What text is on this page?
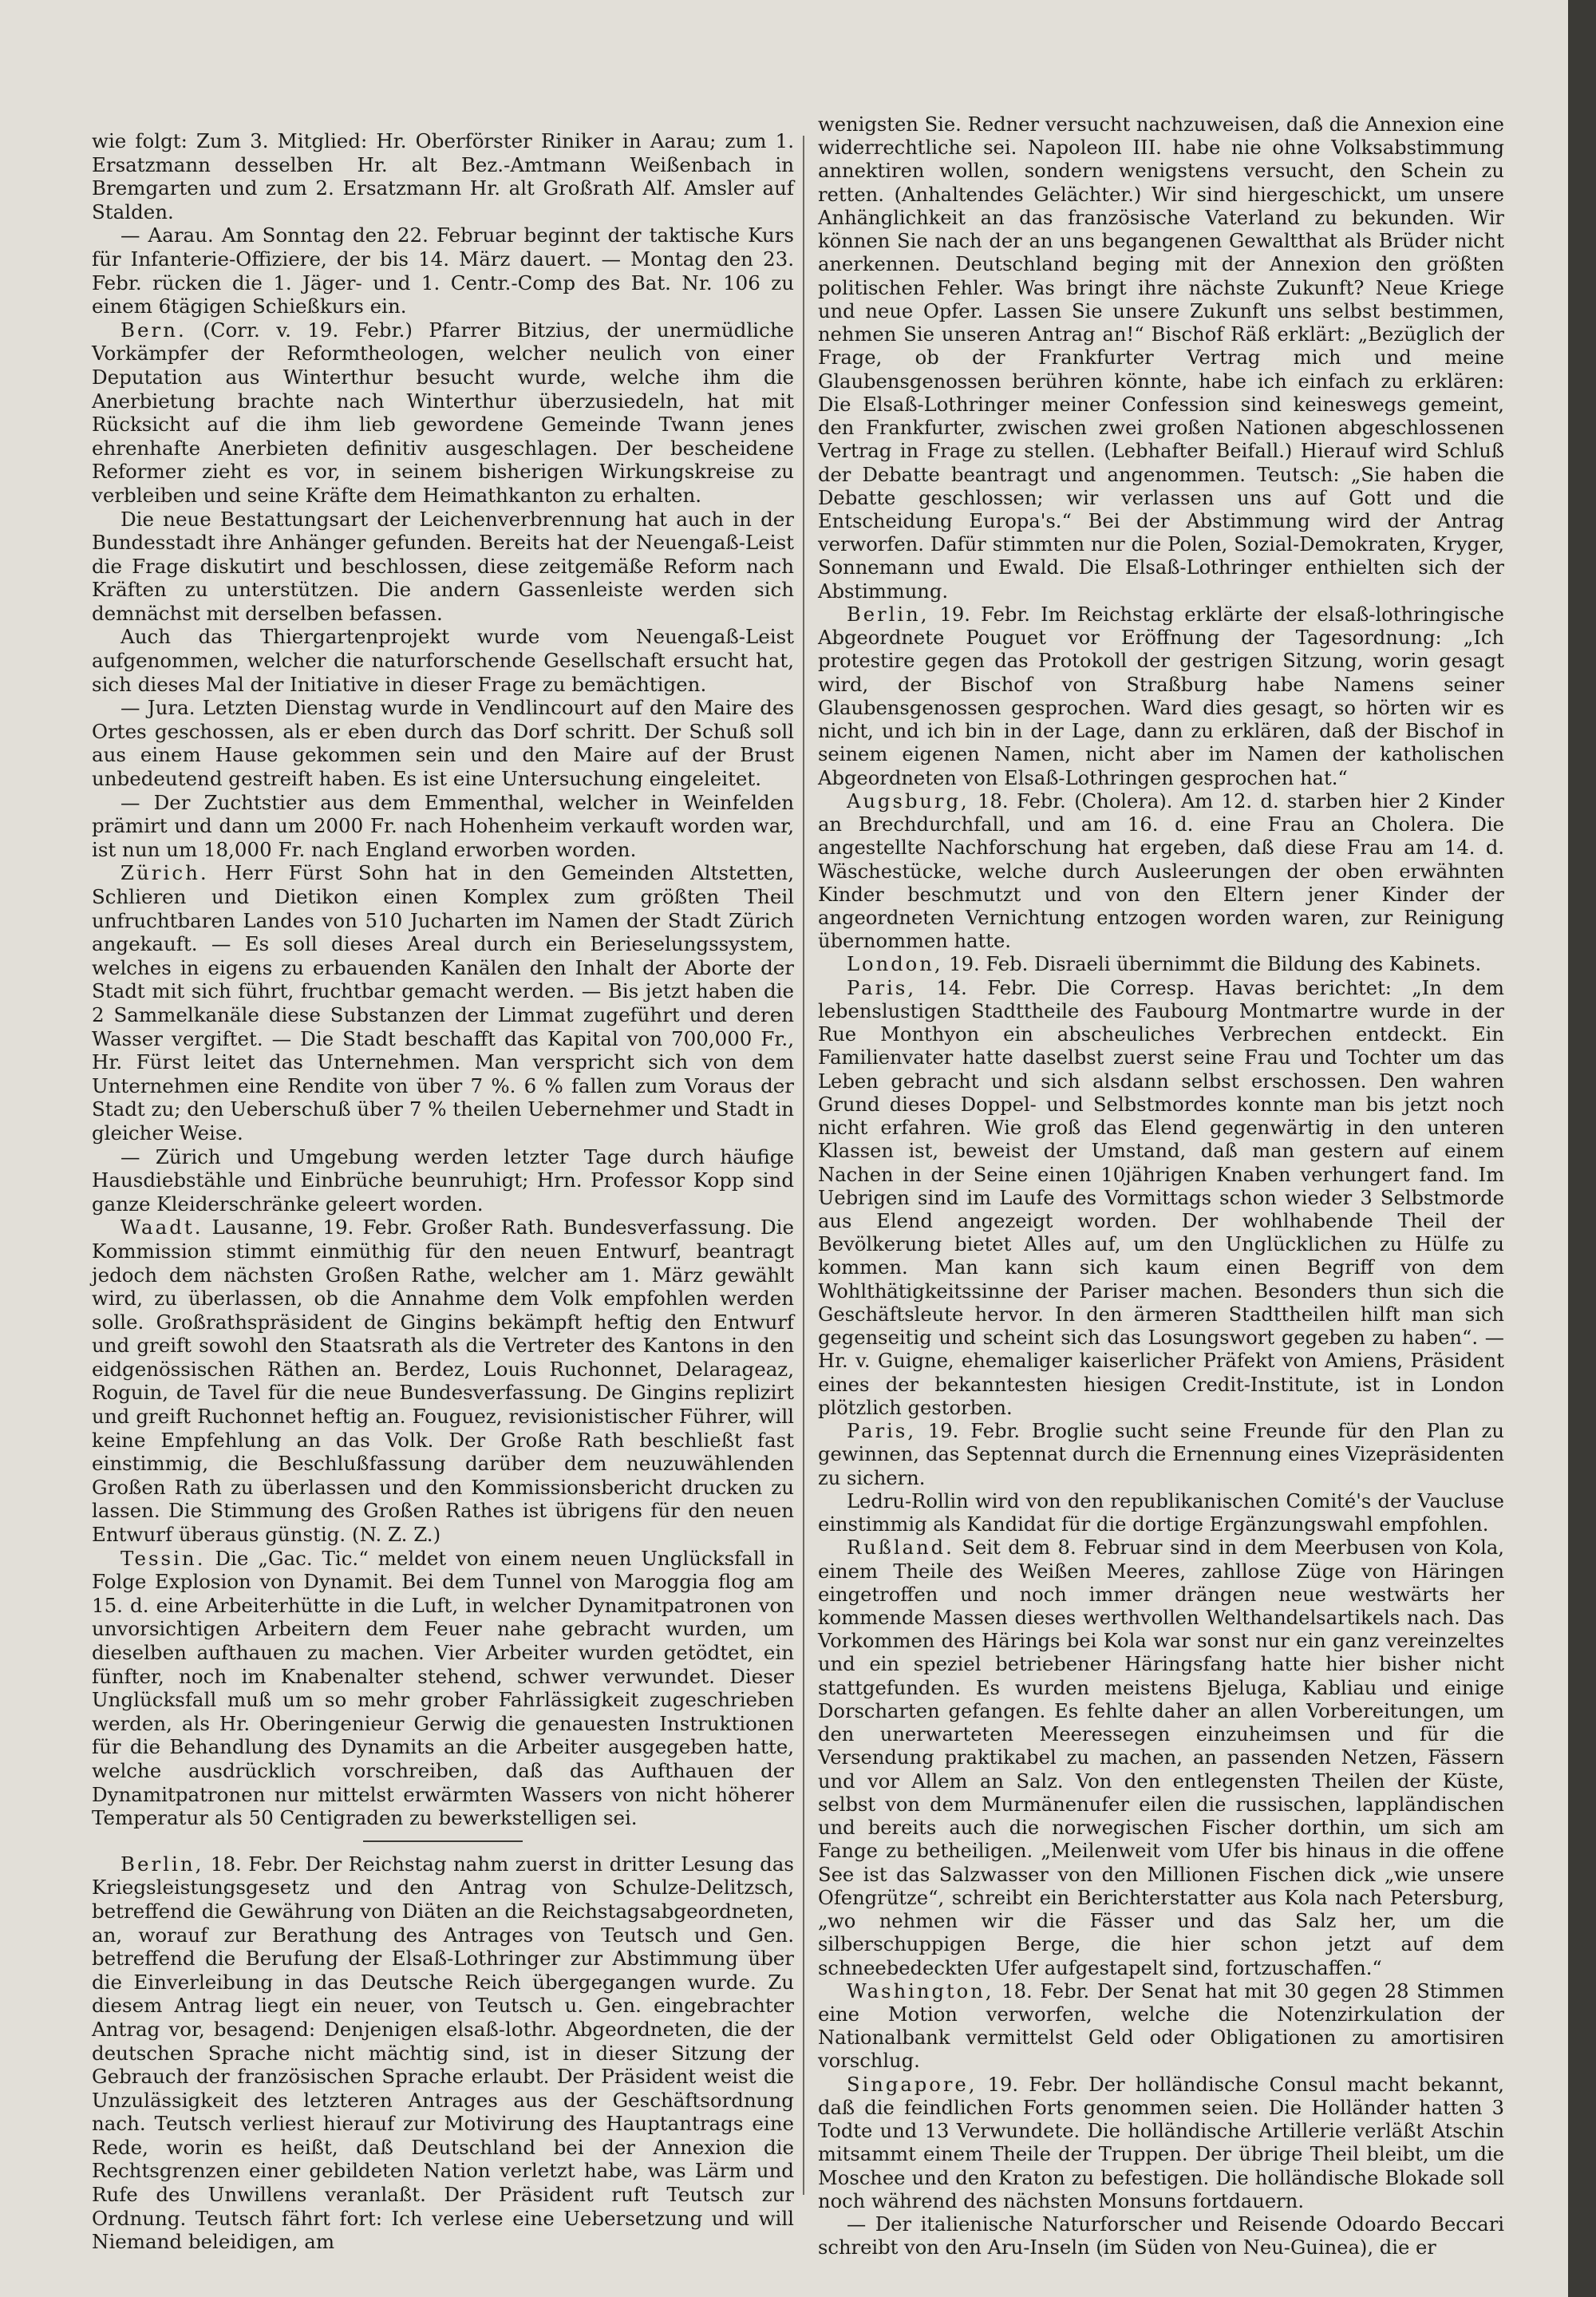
wie folgt: Zum 3. Mitglied: Hr. Oberförster Riniker in Aarau; zum 1. Ersatzmann desselben Hr. alt Bez.-Amtmann Weißenbach in Bremgarten und zum 2. Ersatzmann Hr. alt Großrath Alf. Amsler auf Stalden.

— Aarau. Am Sonntag den 22. Februar beginnt der taktische Kurs für Infanterie-Offiziere, der bis 14. März dauert. — Montag den 23. Febr. rücken die 1. Jäger- und 1. Centr.-Comp des Bat. Nr. 106 zu einem 6tägigen Schießkurs ein.

Bern. (Corr. v. 19. Febr.) Pfarrer Bitzius, der unermüdliche Vorkämpfer der Reformtheologen, welcher neulich von einer Deputation aus Winterthur besucht wurde, welche ihm die Anerbietung brachte nach Winterthur überzusiedeln, hat mit Rücksicht auf die ihm lieb gewordene Gemeinde Twann jenes ehrenhafte Anerbieten definitiv ausgeschlagen. Der bescheidene Reformer zieht es vor, in seinem bisherigen Wirkungskreise zu verbleiben und seine Kräfte dem Heimathkanton zu erhalten.

Die neue Bestattungsart der Leichenverbrennung hat auch in der Bundesstadt ihre Anhänger gefunden. Bereits hat der Neuengaß-Leist die Frage diskutirt und beschlossen, diese zeitgemäße Reform nach Kräften zu unterstützen. Die andern Gassenleiste werden sich demnächst mit derselben befassen.

Auch das Thiergartenprojekt wurde vom Neuengaß-Leist aufgenommen, welcher die naturforschende Gesellschaft ersucht hat, sich dieses Mal der Initiative in dieser Frage zu bemächtigen.

— Jura. Letzten Dienstag wurde in Vendlincourt auf den Maire des Ortes geschossen, als er eben durch das Dorf schritt. Der Schuß soll aus einem Hause gekommen sein und den Maire auf der Brust unbedeutend gestreift haben. Es ist eine Untersuchung eingeleitet.

— Der Zuchtstier aus dem Emmenthal, welcher in Weinfelden prämirt und dann um 2000 Fr. nach Hohenheim verkauft worden war, ist nun um 18,000 Fr. nach England erworben worden.

Zürich. Herr Fürst Sohn hat in den Gemeinden Altstetten, Schlieren und Dietikon einen Komplex zum größten Theil unfruchtbaren Landes von 510 Jucharten im Namen der Stadt Zürich angekauft. — Es soll dieses Areal durch ein Berieselungssystem, welches in eigens zu erbauenden Kanälen den Inhalt der Aborte der Stadt mit sich führt, fruchtbar gemacht werden. — Bis jetzt haben die 2 Sammelkanäle diese Substanzen der Limmat zugeführt und deren Wasser vergiftet. — Die Stadt beschafft das Kapital von 700,000 Fr., Hr. Fürst leitet das Unternehmen. Man verspricht sich von dem Unternehmen eine Rendite von über 7 %. 6 % fallen zum Voraus der Stadt zu; den Ueberschuß über 7 % theilen Uebernehmer und Stadt in gleicher Weise.

— Zürich und Umgebung werden letzter Tage durch häufige Hausdiebstähle und Einbrüche beunruhigt; Hrn. Professor Kopp sind ganze Kleiderschränke geleert worden.

Waadt. Lausanne, 19. Febr. Großer Rath. Bundesverfassung. Die Kommission stimmt einmüthig für den neuen Entwurf, beantragt jedoch dem nächsten Großen Rathe, welcher am 1. März gewählt wird, zu überlassen, ob die Annahme dem Volk empfohlen werden solle. Großrathspräsident de Gingins bekämpft heftig den Entwurf und greift sowohl den Staatsrath als die Vertreter des Kantons in den eidgenössischen Räthen an. Berdez, Louis Ruchonnet, Delarageaz, Roguin, de Tavel für die neue Bundesverfassung. De Gingins replizirt und greift Ruchonnet heftig an. Fouguez, revisionistischer Führer, will keine Empfehlung an das Volk. Der Große Rath beschließt fast einstimmig, die Beschlußfassung darüber dem neuzuwählenden Großen Rath zu überlassen und den Kommissionsbericht drucken zu lassen. Die Stimmung des Großen Rathes ist übrigens für den neuen Entwurf überaus günstig. (N. Z. Z.)

Tessin. Die „Gac. Tic.“ meldet von einem neuen Unglücksfall in Folge Explosion von Dynamit. Bei dem Tunnel von Maroggia flog am 15. d. eine Arbeiterhütte in die Luft, in welcher Dynamitpatronen von unvorsichtigen Arbeitern dem Feuer nahe gebracht wurden, um dieselben aufthauen zu machen. Vier Arbeiter wurden getödtet, ein fünfter, noch im Knabenalter stehend, schwer verwundet. Dieser Unglücksfall muß um so mehr grober Fahrlässigkeit zugeschrieben werden, als Hr. Oberingenieur Gerwig die genauesten Instruktionen für die Behandlung des Dynamits an die Arbeiter ausgegeben hatte, welche ausdrücklich vorschreiben, daß das Aufthauen der Dynamitpatronen nur mittelst erwärmten Wassers von nicht höherer Temperatur als 50 Centigraden zu bewerkstelligen sei.

Berlin, 18. Febr. Der Reichstag nahm zuerst in dritter Lesung das Kriegsleistungsgesetz und den Antrag von Schulze-Delitzsch, betreffend die Gewährung von Diäten an die Reichstagsabgeordneten, an, worauf zur Berathung des Antrages von Teutsch und Gen. betreffend die Berufung der Elsaß-Lothringer zur Abstimmung über die Einverleibung in das Deutsche Reich übergegangen wurde. Zu diesem Antrag liegt ein neuer, von Teutsch u. Gen. eingebrachter Antrag vor, besagend: Denjenigen elsaß-lothr. Abgeordneten, die der deutschen Sprache nicht mächtig sind, ist in dieser Sitzung der Gebrauch der französischen Sprache erlaubt. Der Präsident weist die Unzulässigkeit des letzteren Antrages aus der Geschäftsordnung nach. Teutsch verliest hierauf zur Motivirung des Hauptantrags eine Rede, worin es heißt, daß Deutschland bei der Annexion die Rechtsgrenzen einer gebildeten Nation verletzt habe, was Lärm und Rufe des Unwillens veranlaßt. Der Präsident ruft Teutsch zur Ordnung. Teutsch fährt fort: Ich verlese eine Uebersetzung und will Niemand beleidigen, am

wenigsten Sie. Redner versucht nachzuweisen, daß die Annexion eine widerrechtliche sei. Napoleon III. habe nie ohne Volksabstimmung annektiren wollen, sondern wenigstens versucht, den Schein zu retten. (Anhaltendes Gelächter.) Wir sind hiergeschickt, um unsere Anhänglichkeit an das französische Vaterland zu bekunden. Wir können Sie nach der an uns begangenen Gewaltthat als Brüder nicht anerkennen. Deutschland beging mit der Annexion den größten politischen Fehler. Was bringt ihre nächste Zukunft? Neue Kriege und neue Opfer. Lassen Sie unsere Zukunft uns selbst bestimmen, nehmen Sie unseren Antrag an!“ Bischof Räß erklärt: „Bezüglich der Frage, ob der Frankfurter Vertrag mich und meine Glaubensgenossen berühren könnte, habe ich einfach zu erklären: Die Elsaß-Lothringer meiner Confession sind keineswegs gemeint, den Frankfurter, zwischen zwei großen Nationen abgeschlossenen Vertrag in Frage zu stellen. (Lebhafter Beifall.) Hierauf wird Schluß der Debatte beantragt und angenommen. Teutsch: „Sie haben die Debatte geschlossen; wir verlassen uns auf Gott und die Entscheidung Europa's.“ Bei der Abstimmung wird der Antrag verworfen. Dafür stimmten nur die Polen, Sozial-Demokraten, Kryger, Sonnemann und Ewald. Die Elsaß-Lothringer enthielten sich der Abstimmung.

Berlin, 19. Febr. Im Reichstag erklärte der elsaß-lothringische Abgeordnete Pouguet vor Eröffnung der Tagesordnung: „Ich protestire gegen das Protokoll der gestrigen Sitzung, worin gesagt wird, der Bischof von Straßburg habe Namens seiner Glaubensgenossen gesprochen. Ward dies gesagt, so hörten wir es nicht, und ich bin in der Lage, dann zu erklären, daß der Bischof in seinem eigenen Namen, nicht aber im Namen der katholischen Abgeordneten von Elsaß-Lothringen gesprochen hat.“

Augsburg, 18. Febr. (Cholera). Am 12. d. starben hier 2 Kinder an Brechdurchfall, und am 16. d. eine Frau an Cholera. Die angestellte Nachforschung hat ergeben, daß diese Frau am 14. d. Wäschestücke, welche durch Ausleerungen der oben erwähnten Kinder beschmutzt und von den Eltern jener Kinder der angeordneten Vernichtung entzogen worden waren, zur Reinigung übernommen hatte.

London, 19. Feb. Disraeli übernimmt die Bildung des Kabinets.

Paris, 14. Febr. Die Corresp. Havas berichtet: „In dem lebenslustigen Stadttheile des Faubourg Montmartre wurde in der Rue Monthyon ein abscheuliches Verbrechen entdeckt. Ein Familienvater hatte daselbst zuerst seine Frau und Tochter um das Leben gebracht und sich alsdann selbst erschossen. Den wahren Grund dieses Doppel- und Selbstmordes konnte man bis jetzt noch nicht erfahren. Wie groß das Elend gegenwärtig in den unteren Klassen ist, beweist der Umstand, daß man gestern auf einem Nachen in der Seine einen 10jährigen Knaben verhungert fand. Im Uebrigen sind im Laufe des Vormittags schon wieder 3 Selbstmorde aus Elend angezeigt worden. Der wohlhabende Theil der Bevölkerung bietet Alles auf, um den Unglücklichen zu Hülfe zu kommen. Man kann sich kaum einen Begriff von dem Wohlthätigkeitssinne der Pariser machen. Besonders thun sich die Geschäftsleute hervor. In den ärmeren Stadttheilen hilft man sich gegenseitig und scheint sich das Losungswort gegeben zu haben“. — Hr. v. Guigne, ehemaliger kaiserlicher Präfekt von Amiens, Präsident eines der bekanntesten hiesigen Credit-Institute, ist in London plötzlich gestorben.

Paris, 19. Febr. Broglie sucht seine Freunde für den Plan zu gewinnen, das Septennat durch die Ernennung eines Vizepräsidenten zu sichern.

Ledru-Rollin wird von den republikanischen Comité's der Vaucluse einstimmig als Kandidat für die dortige Ergänzungswahl empfohlen.

Rußland. Seit dem 8. Februar sind in dem Meerbusen von Kola, einem Theile des Weißen Meeres, zahllose Züge von Häringen eingetroffen und noch immer drängen neue westwärts her kommende Massen dieses werthvollen Welthandelsartikels nach. Das Vorkommen des Härings bei Kola war sonst nur ein ganz vereinzeltes und ein speziel betriebener Häringsfang hatte hier bisher nicht stattgefunden. Es wurden meistens Bjeluga, Kabliau und einige Dorscharten gefangen. Es fehlte daher an allen Vorbereitungen, um den unerwarteten Meeressegen einzuheimsen und für die Versendung praktikabel zu machen, an passenden Netzen, Fässern und vor Allem an Salz. Von den entlegensten Theilen der Küste, selbst von dem Murmänenufer eilen die russischen, lappländischen und bereits auch die norwegischen Fischer dorthin, um sich am Fange zu betheiligen. „Meilenweit vom Ufer bis hinaus in die offene See ist das Salzwasser von den Millionen Fischen dick „wie unsere Ofengrütze“, schreibt ein Berichterstatter aus Kola nach Petersburg, „wo nehmen wir die Fässer und das Salz her, um die silberschuppigen Berge, die hier schon jetzt auf dem schneebedeckten Ufer aufgestapelt sind, fortzuschaffen.“

Washington, 18. Febr. Der Senat hat mit 30 gegen 28 Stimmen eine Motion verworfen, welche die Notenzirkulation der Nationalbank vermittelst Geld oder Obligationen zu amortisiren vorschlug.

Singapore, 19. Febr. Der holländische Consul macht bekannt, daß die feindlichen Forts genommen seien. Die Holländer hatten 3 Todte und 13 Verwundete. Die holländische Artillerie verläßt Atschin mitsammt einem Theile der Truppen. Der übrige Theil bleibt, um die Moschee und den Kraton zu befestigen. Die holländische Blokade soll noch während des nächsten Monsuns fortdauern.

— Der italienische Naturforscher und Reisende Odoardo Beccari schreibt von den Aru-Inseln (im Süden von Neu-Guinea), die er
